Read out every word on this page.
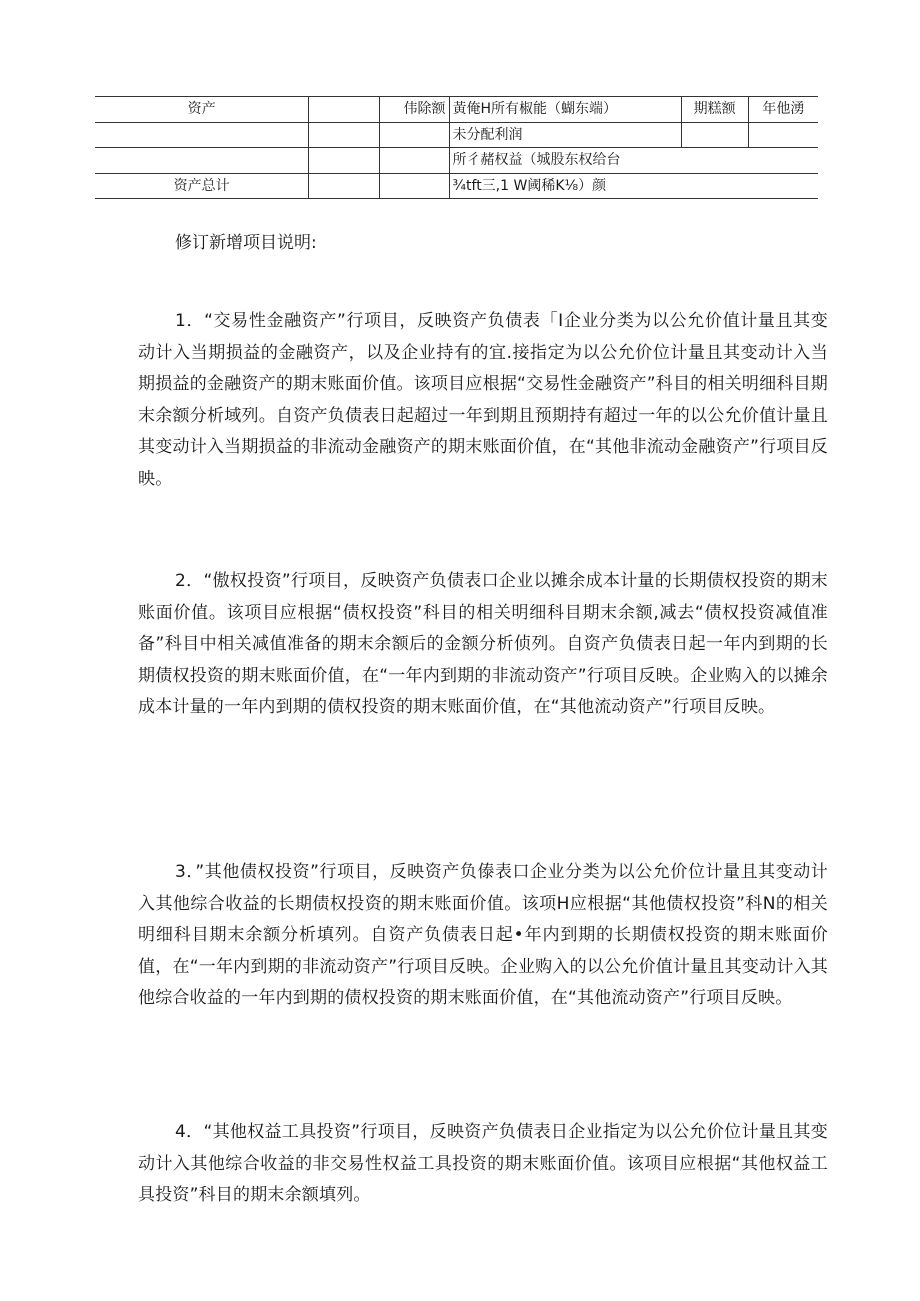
资产		伟除额	黃俺H所有椒能（蝴东端）	期糕额	年他湧
			未分配利润		
			所彳赭权益（城股东权给台		
资产总计			¾tft三,1 W阈稀K⅛）颜		
修订新增项目说明:

1．“交易性金融资产”行项目，反映资产负债表「I企业分类为以公允价值计量且其变动计入当期损益的金融资产，以及企业持有的宜.接指定为以公允价位计量且其变动计入当期损益的金融资产的期末账面价值。该项目应根据“交易性金融资产”科目的相关明细科目期末余额分析域列。自资产负债表日起超过一年到期且预期持有超过一年的以公允价值计量且其变动计入当期损益的非流动金融资产的期末账面价值，在“其他非流动金融资产”行项目反映。

2．“傲权投资”行项目，反映资产负债表口企业以摊余成本计量的长期债权投资的期末账面价值。该项目应根据“债权投资”科目的相关明细科目期末余额,减去“债权投资减值准备”科目中相关减值准备的期末余额后的金额分析侦列。自资产负债表日起一年内到期的长期债权投资的期末账面价值，在“一年内到期的非流动资产”行项目反映。企业购入的以摊余成本计量的一年内到期的债权投资的期末账面价值，在“其他流动资产”行项目反映。

3．”其他债权投资”行项目，反映资产负傣表口企业分类为以公允价位计量且其变动计入其他综合收益的长期债权投资的期末账面价值。该项H应根据“其他债权投资”科N的相关明细科目期末余额分析填列。自资产负债表日起•年内到期的长期债权投资的期末账面价值，在“一年内到期的非流动资产”行项目反映。企业购入的以公允价值计量且其变动计入其他综合收益的一年内到期的债权投资的期末账面价值，在“其他流动资产”行项目反映。

4．“其他权益工具投资”行项目，反映资产负债表日企业指定为以公允价位计量且其变动计入其他综合收益的非交易性权益工具投资的期末账面价值。该项目应根据“其他权益工具投资”科目的期末余额填列。
